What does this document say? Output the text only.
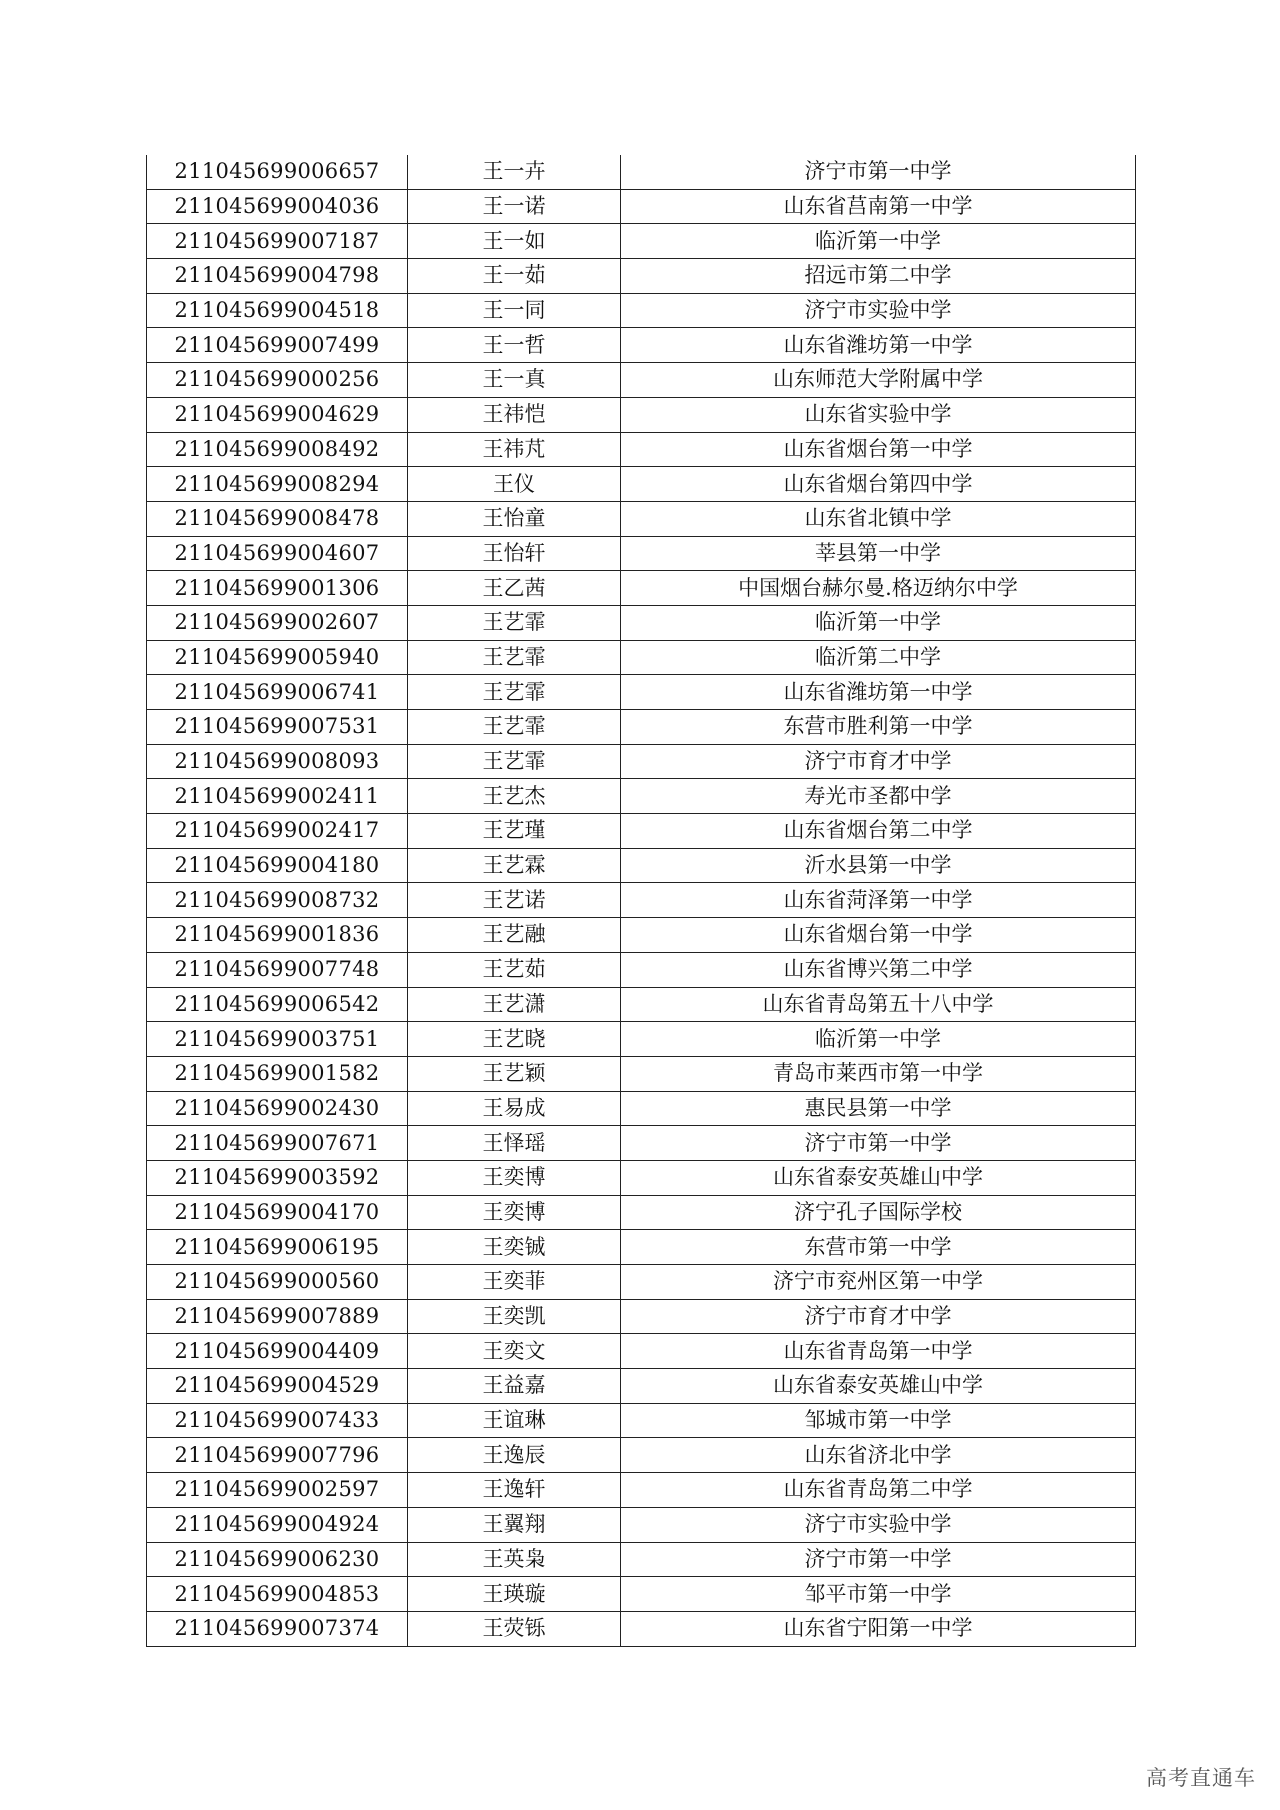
211045699006657	王一卉	济宁市第一中学
211045699004036	王一诺	山东省莒南第一中学
211045699007187	王一如	临沂第一中学
211045699004798	王一茹	招远市第二中学
211045699004518	王一同	济宁市实验中学
211045699007499	王一哲	山东省潍坊第一中学
211045699000256	王一真	山东师范大学附属中学
211045699004629	王祎恺	山东省实验中学
211045699008492	王祎芃	山东省烟台第一中学
211045699008294	王仪	山东省烟台第四中学
211045699008478	王怡童	山东省北镇中学
211045699004607	王怡轩	莘县第一中学
211045699001306	王乙茜	中国烟台赫尔曼.格迈纳尔中学
211045699002607	王艺霏	临沂第一中学
211045699005940	王艺霏	临沂第二中学
211045699006741	王艺霏	山东省潍坊第一中学
211045699007531	王艺霏	东营市胜利第一中学
211045699008093	王艺霏	济宁市育才中学
211045699002411	王艺杰	寿光市圣都中学
211045699002417	王艺瑾	山东省烟台第二中学
211045699004180	王艺霖	沂水县第一中学
211045699008732	王艺诺	山东省菏泽第一中学
211045699001836	王艺融	山东省烟台第一中学
211045699007748	王艺茹	山东省博兴第二中学
211045699006542	王艺潇	山东省青岛第五十八中学
211045699003751	王艺晓	临沂第一中学
211045699001582	王艺颖	青岛市莱西市第一中学
211045699002430	王易成	惠民县第一中学
211045699007671	王怿瑶	济宁市第一中学
211045699003592	王奕博	山东省泰安英雄山中学
211045699004170	王奕博	济宁孔子国际学校
211045699006195	王奕铖	东营市第一中学
211045699000560	王奕菲	济宁市兖州区第一中学
211045699007889	王奕凯	济宁市育才中学
211045699004409	王奕文	山东省青岛第一中学
211045699004529	王益嘉	山东省泰安英雄山中学
211045699007433	王谊琳	邹城市第一中学
211045699007796	王逸辰	山东省济北中学
211045699002597	王逸轩	山东省青岛第二中学
211045699004924	王翼翔	济宁市实验中学
211045699006230	王英枭	济宁市第一中学
211045699004853	王瑛璇	邹平市第一中学
211045699007374	王荧铄	山东省宁阳第一中学
高考直通车
